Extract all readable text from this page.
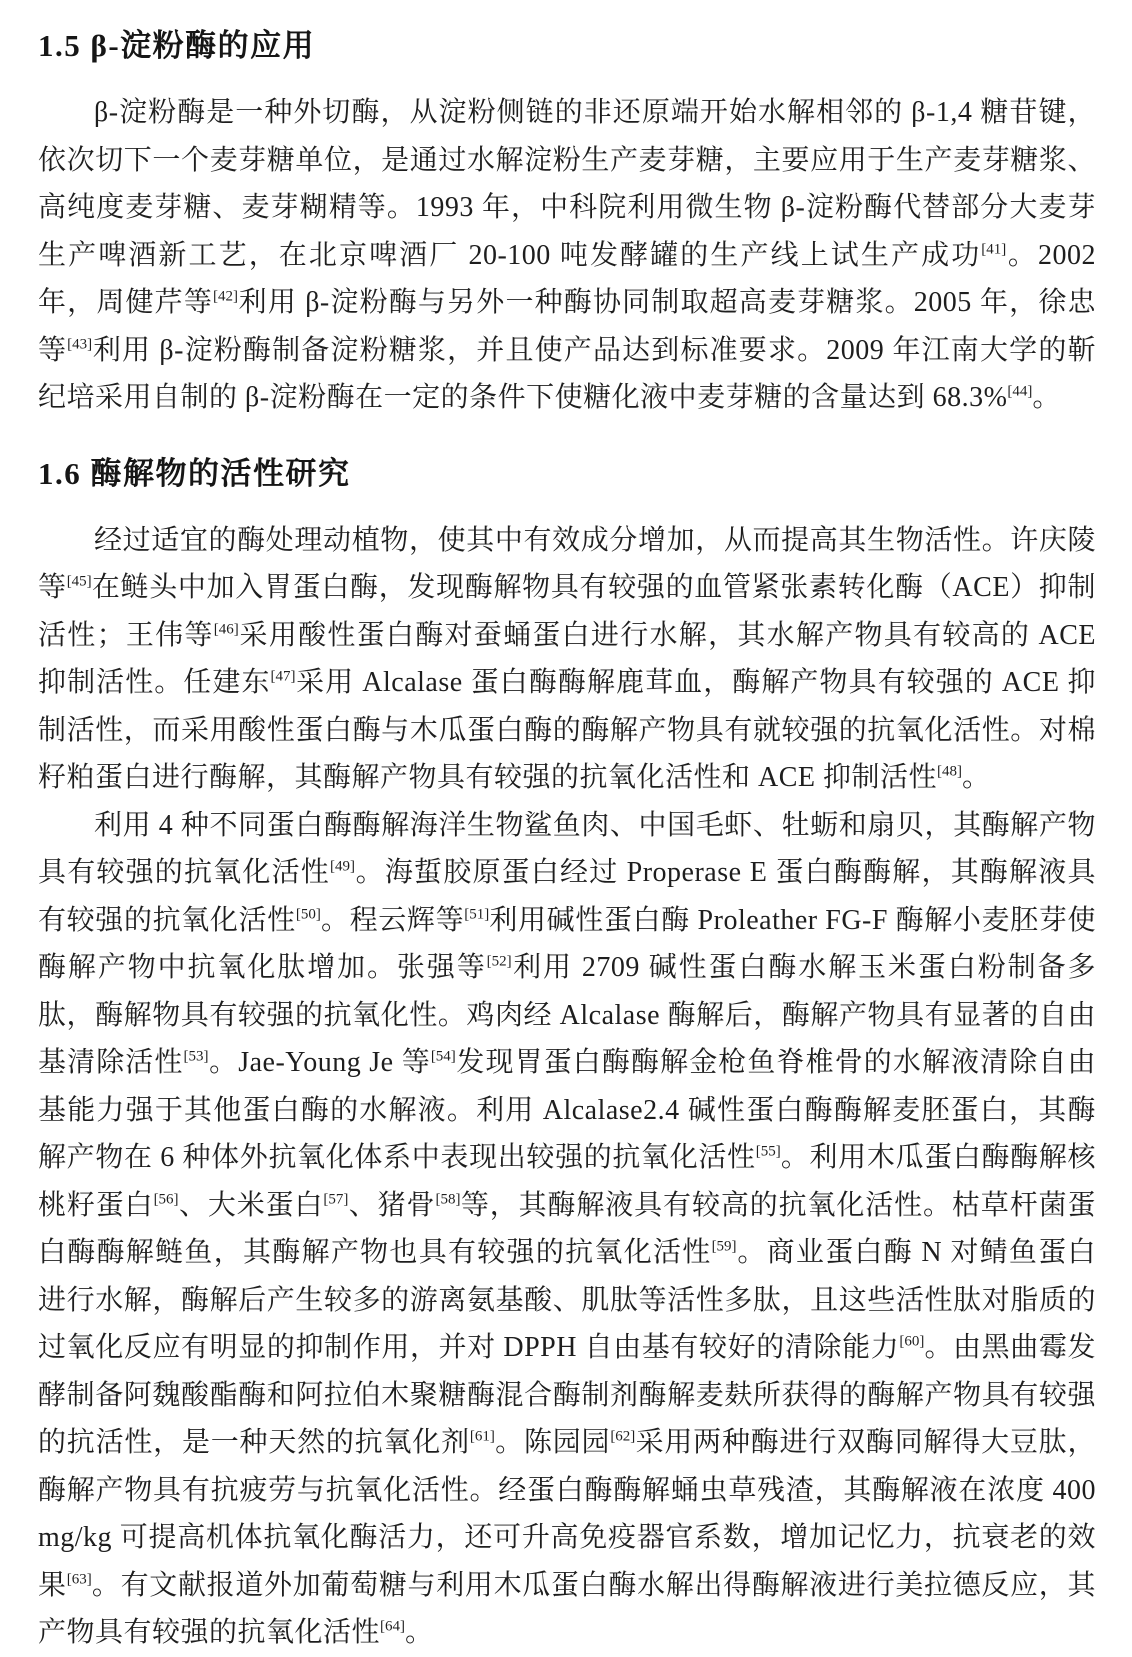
1.5 β-淀粉酶的应用

β-淀粉酶是一种外切酶，从淀粉侧链的非还原端开始水解相邻的 β-1,4 糖苷键，依次切下一个麦芽糖单位，是通过水解淀粉生产麦芽糖，主要应用于生产麦芽糖浆、高纯度麦芽糖、麦芽糊精等。1993 年，中科院利用微生物 β-淀粉酶代替部分大麦芽生产啤酒新工艺，在北京啤酒厂 20-100 吨发酵罐的生产线上试生产成功[41]。2002 年，周健芹等[42]利用 β-淀粉酶与另外一种酶协同制取超高麦芽糖浆。2005 年，徐忠等[43]利用 β-淀粉酶制备淀粉糖浆，并且使产品达到标准要求。2009 年江南大学的靳纪培采用自制的 β-淀粉酶在一定的条件下使糖化液中麦芽糖的含量达到 68.3%[44]。

1.6 酶解物的活性研究

经过适宜的酶处理动植物，使其中有效成分增加，从而提高其生物活性。许庆陵等[45]在鲢头中加入胃蛋白酶，发现酶解物具有较强的血管紧张素转化酶（ACE）抑制活性；王伟等[46]采用酸性蛋白酶对蚕蛹蛋白进行水解，其水解产物具有较高的 ACE 抑制活性。任建东[47]采用 Alcalase 蛋白酶酶解鹿茸血，酶解产物具有较强的 ACE 抑制活性，而采用酸性蛋白酶与木瓜蛋白酶的酶解产物具有就较强的抗氧化活性。对棉籽粕蛋白进行酶解，其酶解产物具有较强的抗氧化活性和 ACE 抑制活性[48]。

利用 4 种不同蛋白酶酶解海洋生物鲨鱼肉、中国毛虾、牡蛎和扇贝，其酶解产物具有较强的抗氧化活性[49]。海蜇胶原蛋白经过 Properase E 蛋白酶酶解，其酶解液具有较强的抗氧化活性[50]。程云辉等[51]利用碱性蛋白酶 Proleather FG-F 酶解小麦胚芽使酶解产物中抗氧化肽增加。张强等[52]利用 2709 碱性蛋白酶水解玉米蛋白粉制备多肽，酶解物具有较强的抗氧化性。鸡肉经 Alcalase 酶解后，酶解产物具有显著的自由基清除活性[53]。Jae-Young Je 等[54]发现胃蛋白酶酶解金枪鱼脊椎骨的水解液清除自由基能力强于其他蛋白酶的水解液。利用 Alcalase2.4 碱性蛋白酶酶解麦胚蛋白，其酶解产物在 6 种体外抗氧化体系中表现出较强的抗氧化活性[55]。利用木瓜蛋白酶酶解核桃籽蛋白[56]、大米蛋白[57]、猪骨[58]等，其酶解液具有较高的抗氧化活性。枯草杆菌蛋白酶酶解鲢鱼，其酶解产物也具有较强的抗氧化活性[59]。商业蛋白酶 N 对鲭鱼蛋白进行水解，酶解后产生较多的游离氨基酸、肌肽等活性多肽，且这些活性肽对脂质的过氧化反应有明显的抑制作用，并对 DPPH 自由基有较好的清除能力[60]。由黑曲霉发酵制备阿魏酸酯酶和阿拉伯木聚糖酶混合酶制剂酶解麦麸所获得的酶解产物具有较强的抗活性，是一种天然的抗氧化剂[61]。陈园园[62]采用两种酶进行双酶同解得大豆肽，酶解产物具有抗疲劳与抗氧化活性。经蛋白酶酶解蛹虫草残渣，其酶解液在浓度 400mg/kg 可提高机体抗氧化酶活力，还可升高免疫器官系数，增加记忆力，抗衰老的效果[63]。有文献报道外加葡萄糖与利用木瓜蛋白酶水解出得酶解液进行美拉德反应，其产物具有较强的抗氧化活性[64]。
